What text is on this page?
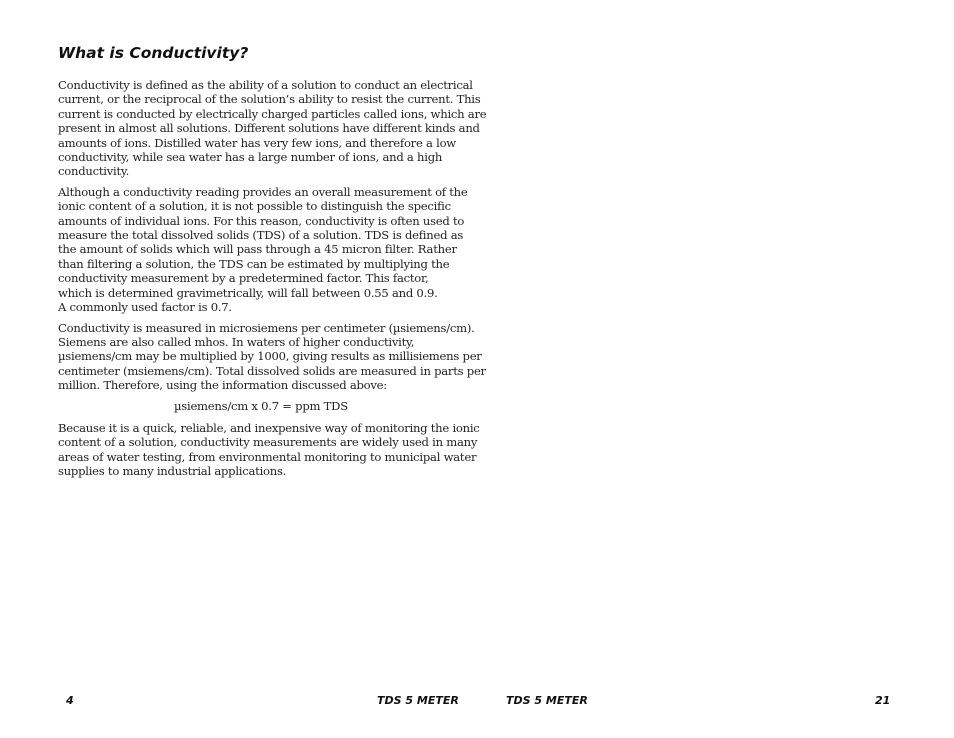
What is Conductivity?

Conductivity is defined as the ability of a solution to conduct an electrical
current, or the reciprocal of the solution’s ability to resist the current. This
current is conducted by electrically charged particles called ions, which are
present in almost all solutions. Different solutions have different kinds and
amounts of ions. Distilled water has very few ions, and therefore a low
conductivity, while sea water has a large number of ions, and a high
conductivity.

Although a conductivity reading provides an overall measurement of the
ionic content of a solution, it is not possible to distinguish the specific
amounts of individual ions. For this reason, conductivity is often used to
measure the total dissolved solids (TDS) of a solution. TDS is defined as
the amount of solids which will pass through a 45 micron filter. Rather
than filtering a solution, the TDS can be estimated by multiplying the
conductivity measurement by a predetermined factor. This factor,
which is determined gravimetrically, will fall between 0.55 and 0.9.
A commonly used factor is 0.7.

Conductivity is measured in microsiemens per centimeter (µsiemens/cm).
Siemens are also called mhos. In waters of higher conductivity,
µsiemens/cm may be multiplied by 1000, giving results as millisiemens per
centimeter (msiemens/cm). Total dissolved solids are measured in parts per
million. Therefore, using the information discussed above:

µsiemens/cm x 0.7 = ppm TDS

Because it is a quick, reliable, and inexpensive way of monitoring the ionic
content of a solution, conductivity measurements are widely used in many
areas of water testing, from environmental monitoring to municipal water
supplies to many industrial applications.

4	TDS 5 METER	TDS 5 METER	21
